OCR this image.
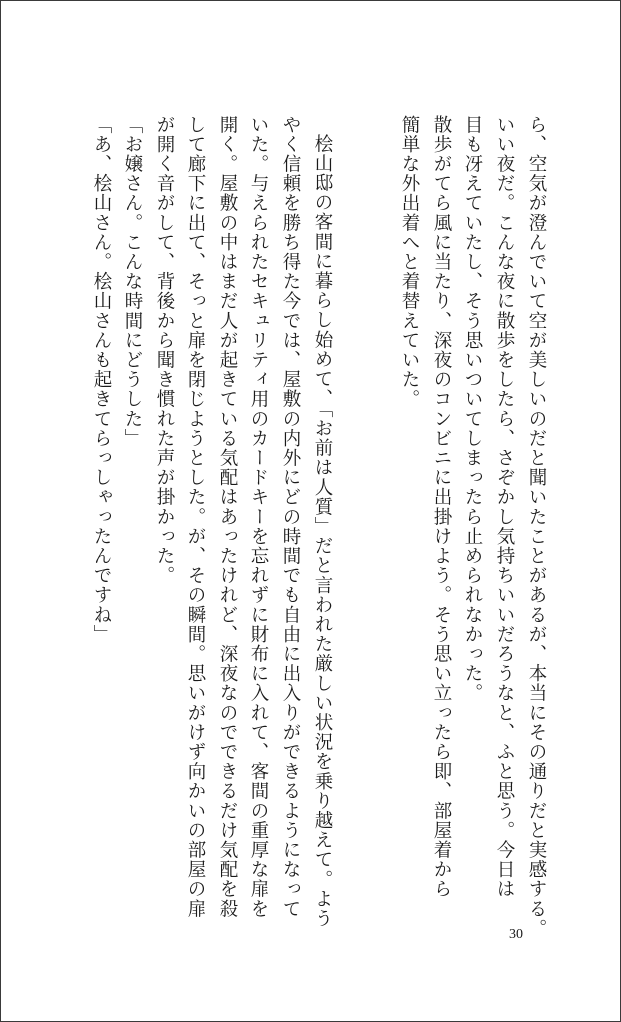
ら、空気が澄んでいて空が美しいのだと聞いたことがあるが、本当にその通りだと実感する。
いい夜だ。こんな夜に散歩をしたら、さぞかし気持ちいいだろうなと、ふと思う。今日は
目も冴えていたし、そう思いついてしまったら止められなかった。
散歩がてら風に当たり、深夜のコンビニに出掛けよう。そう思い立ったら即、部屋着から
簡単な外出着へと着替えていた。
桧山邸の客間に暮らし始めて、「お前は人質」だと言われた厳しい状況を乗り越えて。よう
やく信頼を勝ち得た今では、屋敷の内外にどの時間でも自由に出入りができるようになって
いた。与えられたセキュリティ用のカードキーを忘れずに財布に入れて、客間の重厚な扉を
開く。屋敷の中はまだ人が起きている気配はあったけれど、深夜なのでできるだけ気配を殺
して廊下に出て、そっと扉を閉じようとした。が、その瞬間。思いがけず向かいの部屋の扉
が開く音がして、背後から聞き慣れた声が掛かった。
「お嬢さん。こんな時間にどうした」
「あ、桧山さん。桧山さんも起きてらっしゃったんですね」
30
